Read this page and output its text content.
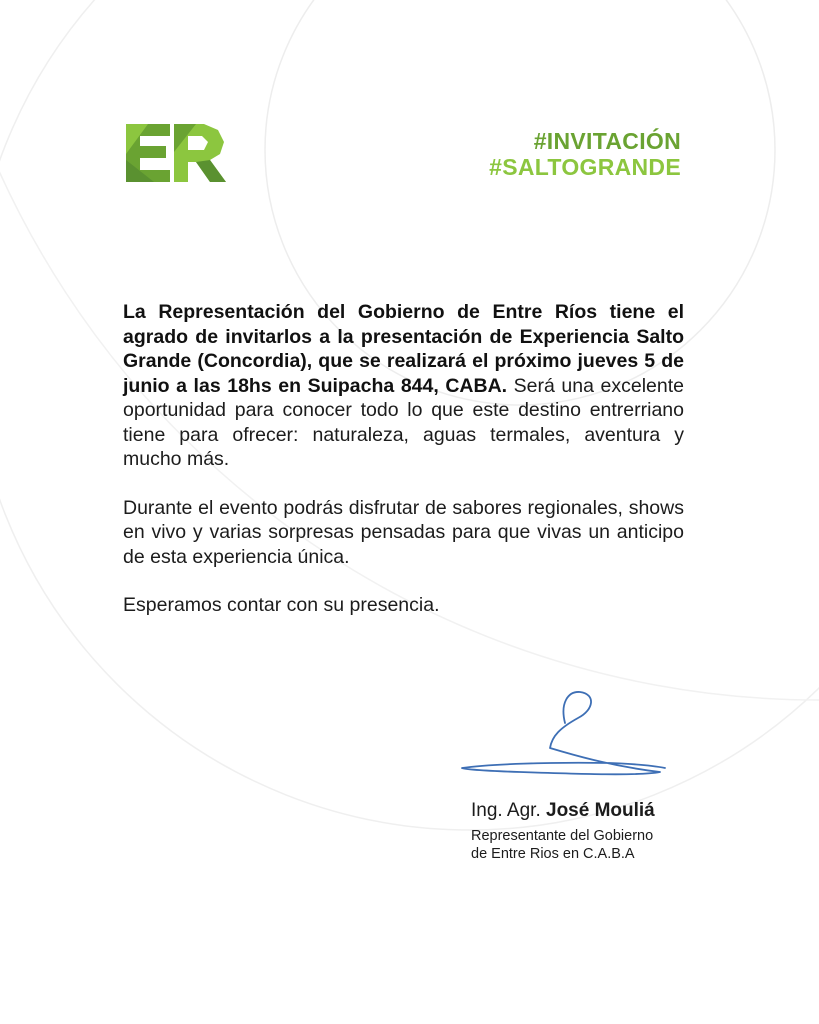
#INVITACIÓN
#SALTOGRANDE

La Representación del Gobierno de Entre Ríos tiene el agrado de invitarlos a la presentación de Experiencia Salto Grande (Concordia), que se realizará el próximo jueves 5 de junio a las 18hs en Suipacha 844, CABA. Será una excelente oportunidad para conocer todo lo que este destino entrerriano tiene para ofrecer: naturaleza, aguas termales, aventura y mucho más.

Durante el evento podrás disfrutar de sabores regionales, shows en vivo y varias sorpresas pensadas para que vivas un anticipo de esta experiencia única.

Esperamos contar con su presencia.

Ing. Agr. José Mouliá
Representante del Gobierno
de Entre Rios en C.A.B.A
